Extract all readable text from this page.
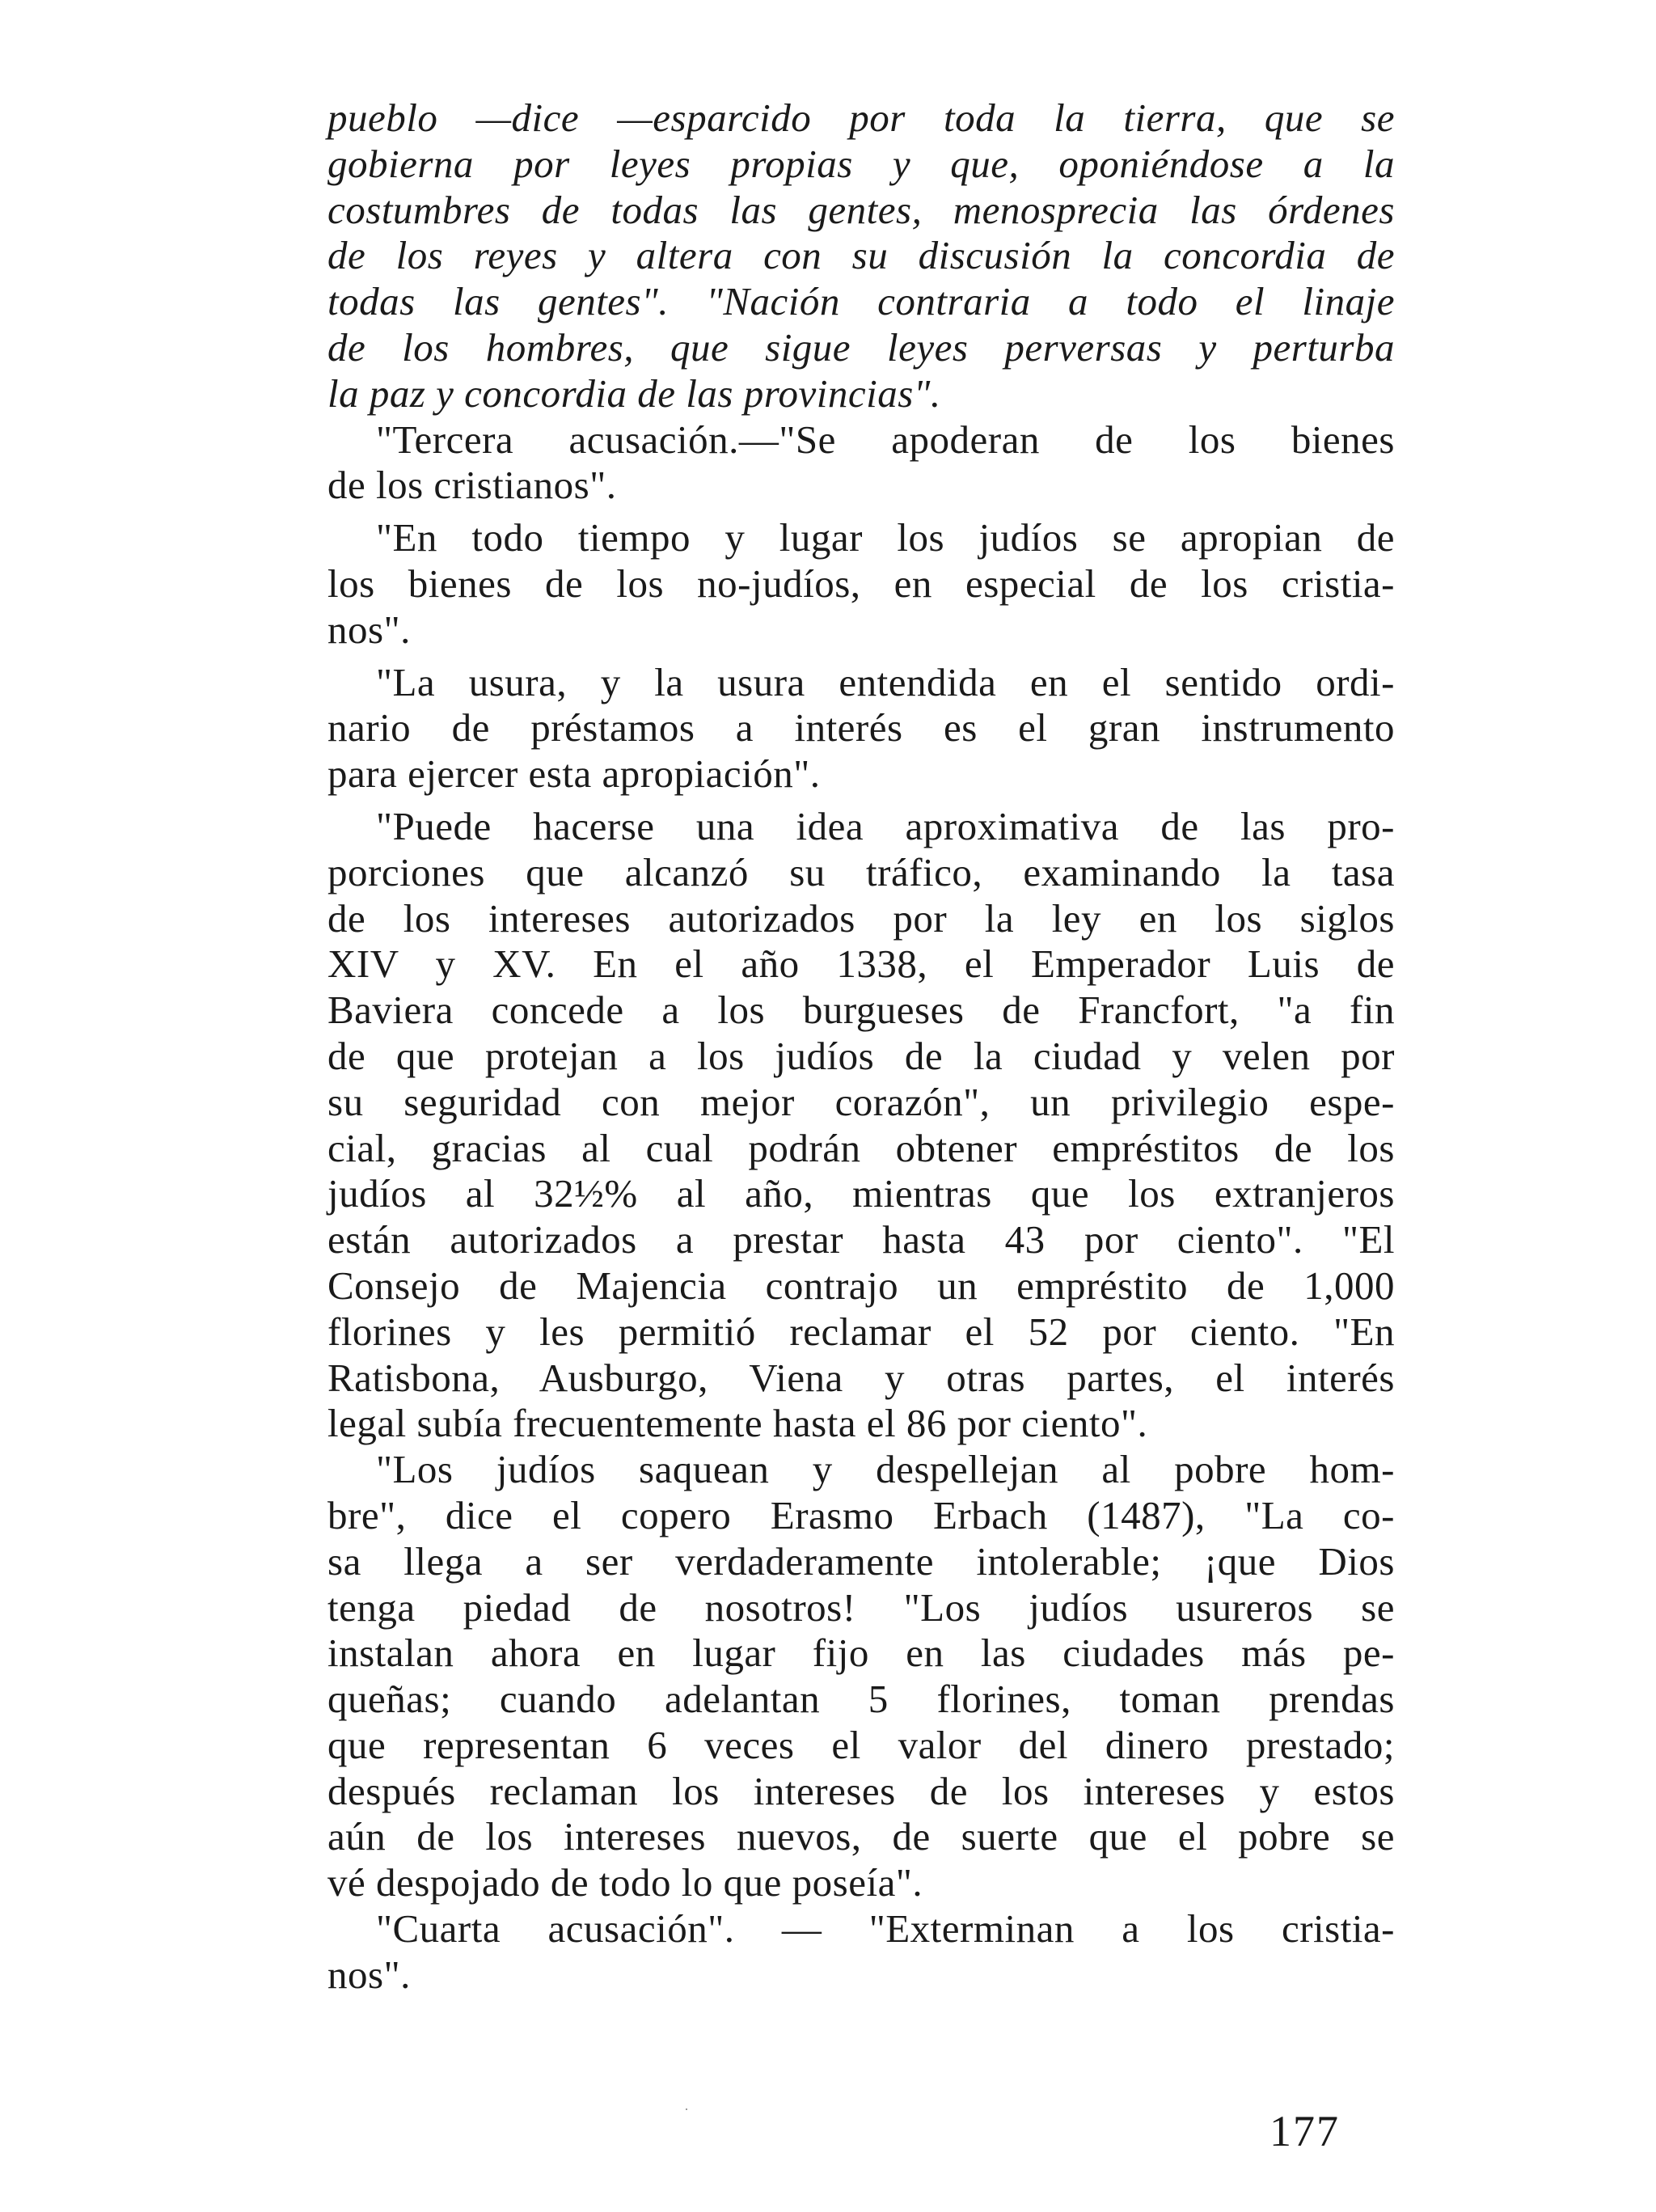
pueblo —dice —esparcido por toda la tierra, que se
gobierna por leyes propias y que, oponiéndose a la
costumbres de todas las gentes, menosprecia las órdenes
de los reyes y altera con su discusión la concordia de
todas las gentes". "Nación contraria a todo el linaje
de los hombres, que sigue leyes perversas y perturba
la paz y concordia de las provincias".
"Tercera acusación.—"Se apoderan de los bienes
de los cristianos".
"En todo tiempo y lugar los judíos se apropian de
los bienes de los no-judíos, en especial de los cristia-
nos".
"La usura, y la usura entendida en el sentido ordi-
nario de préstamos a interés es el gran instrumento
para ejercer esta apropiación".
"Puede hacerse una idea aproximativa de las pro-
porciones que alcanzó su tráfico, examinando la tasa
de los intereses autorizados por la ley en los siglos
XIV y XV. En el año 1338, el Emperador Luis de
Baviera concede a los burgueses de Francfort, "a fin
de que protejan a los judíos de la ciudad y velen por
su seguridad con mejor corazón", un privilegio espe-
cial, gracias al cual podrán obtener empréstitos de los
judíos al 32½% al año, mientras que los extranjeros
están autorizados a prestar hasta 43 por ciento". "El
Consejo de Majencia contrajo un empréstito de 1,000
florines y les permitió reclamar el 52 por ciento. "En
Ratisbona, Ausburgo, Viena y otras partes, el interés
legal subía frecuentemente hasta el 86 por ciento".
"Los judíos saquean y despellejan al pobre hom-
bre", dice el copero Erasmo Erbach (1487), "La co-
sa llega a ser verdaderamente intolerable; ¡que Dios
tenga piedad de nosotros! "Los judíos usureros se
instalan ahora en lugar fijo en las ciudades más pe-
queñas; cuando adelantan 5 florines, toman prendas
que representan 6 veces el valor del dinero prestado;
después reclaman los intereses de los intereses y estos
aún de los intereses nuevos, de suerte que el pobre se
vé despojado de todo lo que poseía".
"Cuarta acusación". — "Exterminan a los cristia-
nos".
177
